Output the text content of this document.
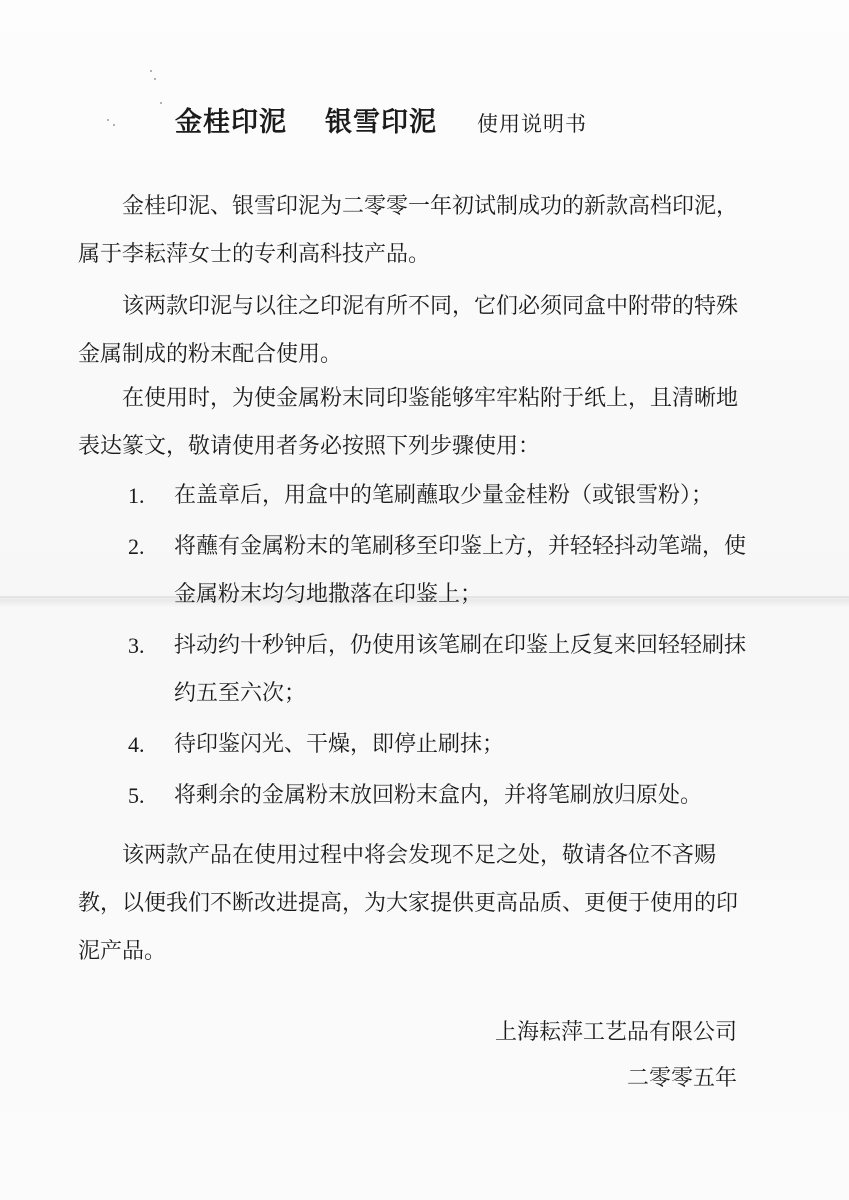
金桂印泥 银雪印泥 使用说明书

金桂印泥、银雪印泥为二零零一年初试制成功的新款高档印泥，属于李耘萍女士的专利高科技产品。

该两款印泥与以往之印泥有所不同，它们必须同盒中附带的特殊金属制成的粉末配合使用。

在使用时，为使金属粉末同印鉴能够牢牢粘附于纸上，且清晰地表达篆文，敬请使用者务必按照下列步骤使用：

1.	在盖章后，用盒中的笔刷蘸取少量金桂粉（或银雪粉）；
2.	将蘸有金属粉末的笔刷移至印鉴上方，并轻轻抖动笔端，使金属粉末均匀地撒落在印鉴上；
3.	抖动约十秒钟后，仍使用该笔刷在印鉴上反复来回轻轻刷抹约五至六次；
4.	待印鉴闪光、干燥，即停止刷抹；
5.	将剩余的金属粉末放回粉末盒内，并将笔刷放归原处。

该两款产品在使用过程中将会发现不足之处，敬请各位不吝赐教，以便我们不断改进提高，为大家提供更高品质、更便于使用的印泥产品。

上海耘萍工艺品有限公司
二零零五年
